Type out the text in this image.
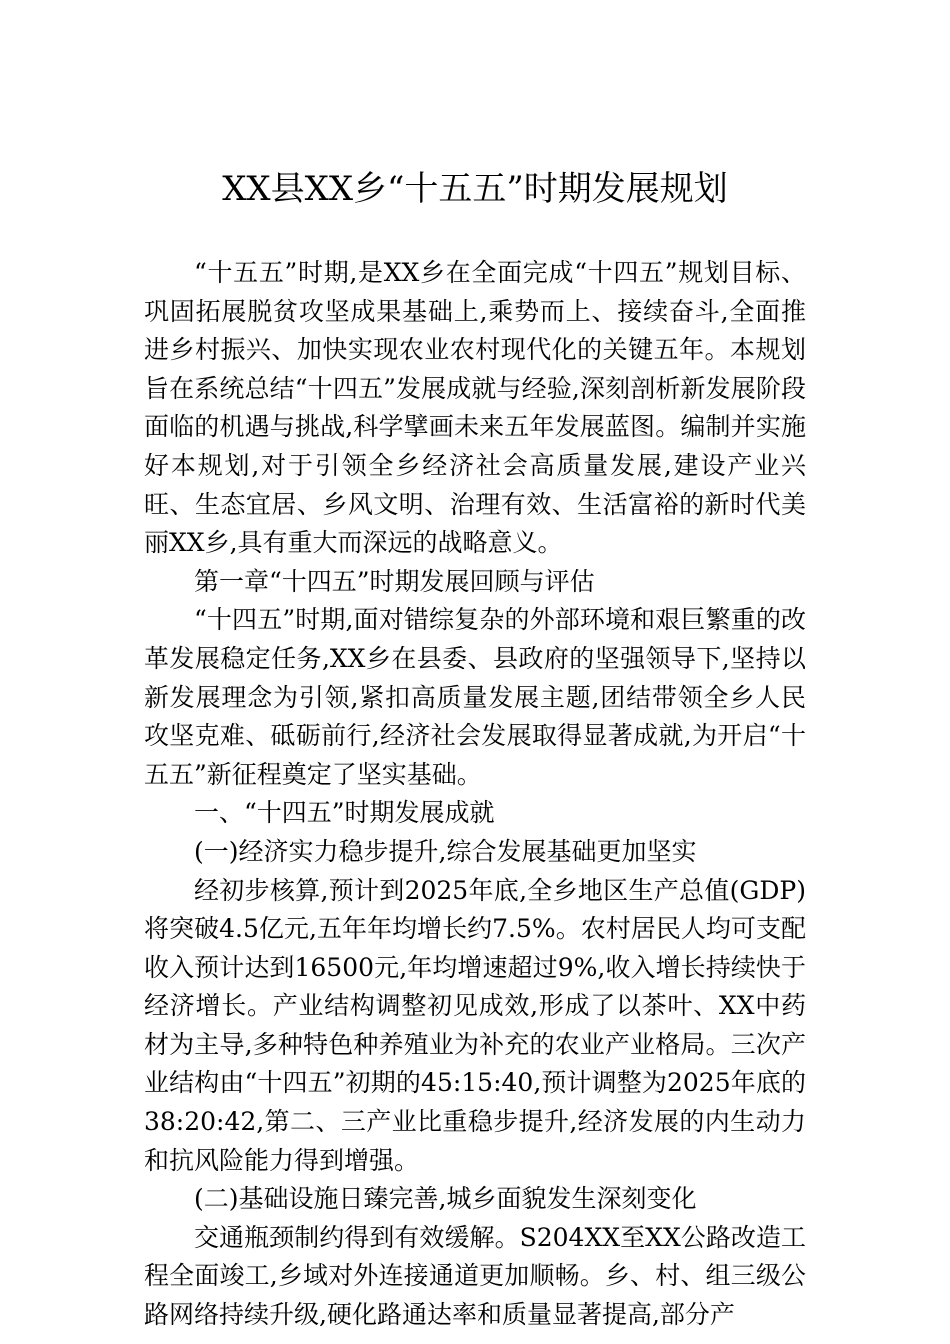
XX县XX乡“十五五”时期发展规划

“十五五”时期,是XX乡在全面完成“十四五”规划目标、巩固拓展脱贫攻坚成果基础上,乘势而上、接续奋斗,全面推进乡村振兴、加快实现农业农村现代化的关键五年。本规划旨在系统总结“十四五”发展成就与经验,深刻剖析新发展阶段面临的机遇与挑战,科学擘画未来五年发展蓝图。编制并实施好本规划,对于引领全乡经济社会高质量发展,建设产业兴旺、生态宜居、乡风文明、治理有效、生活富裕的新时代美丽XX乡,具有重大而深远的战略意义。

第一章“十四五”时期发展回顾与评估

“十四五”时期,面对错综复杂的外部环境和艰巨繁重的改革发展稳定任务,XX乡在县委、县政府的坚强领导下,坚持以新发展理念为引领,紧扣高质量发展主题,团结带领全乡人民攻坚克难、砥砺前行,经济社会发展取得显著成就,为开启“十五五”新征程奠定了坚实基础。

一、“十四五”时期发展成就

(一)经济实力稳步提升,综合发展基础更加坚实

经初步核算,预计到2025年底,全乡地区生产总值(GDP)将突破4.5亿元,五年年均增长约7.5%。农村居民人均可支配收入预计达到16500元,年均增速超过9%,收入增长持续快于经济增长。产业结构调整初见成效,形成了以茶叶、XX中药材为主导,多种特色种养殖业为补充的农业产业格局。三次产业结构由“十四五”初期的45:15:40,预计调整为2025年底的38:20:42,第二、三产业比重稳步提升,经济发展的内生动力和抗风险能力得到增强。

(二)基础设施日臻完善,城乡面貌发生深刻变化

交通瓶颈制约得到有效缓解。S204XX至XX公路改造工程全面竣工,乡域对外连接通道更加顺畅。乡、村、组三级公路网络持续升级,硬化路通达率和质量显著提高,部分产
